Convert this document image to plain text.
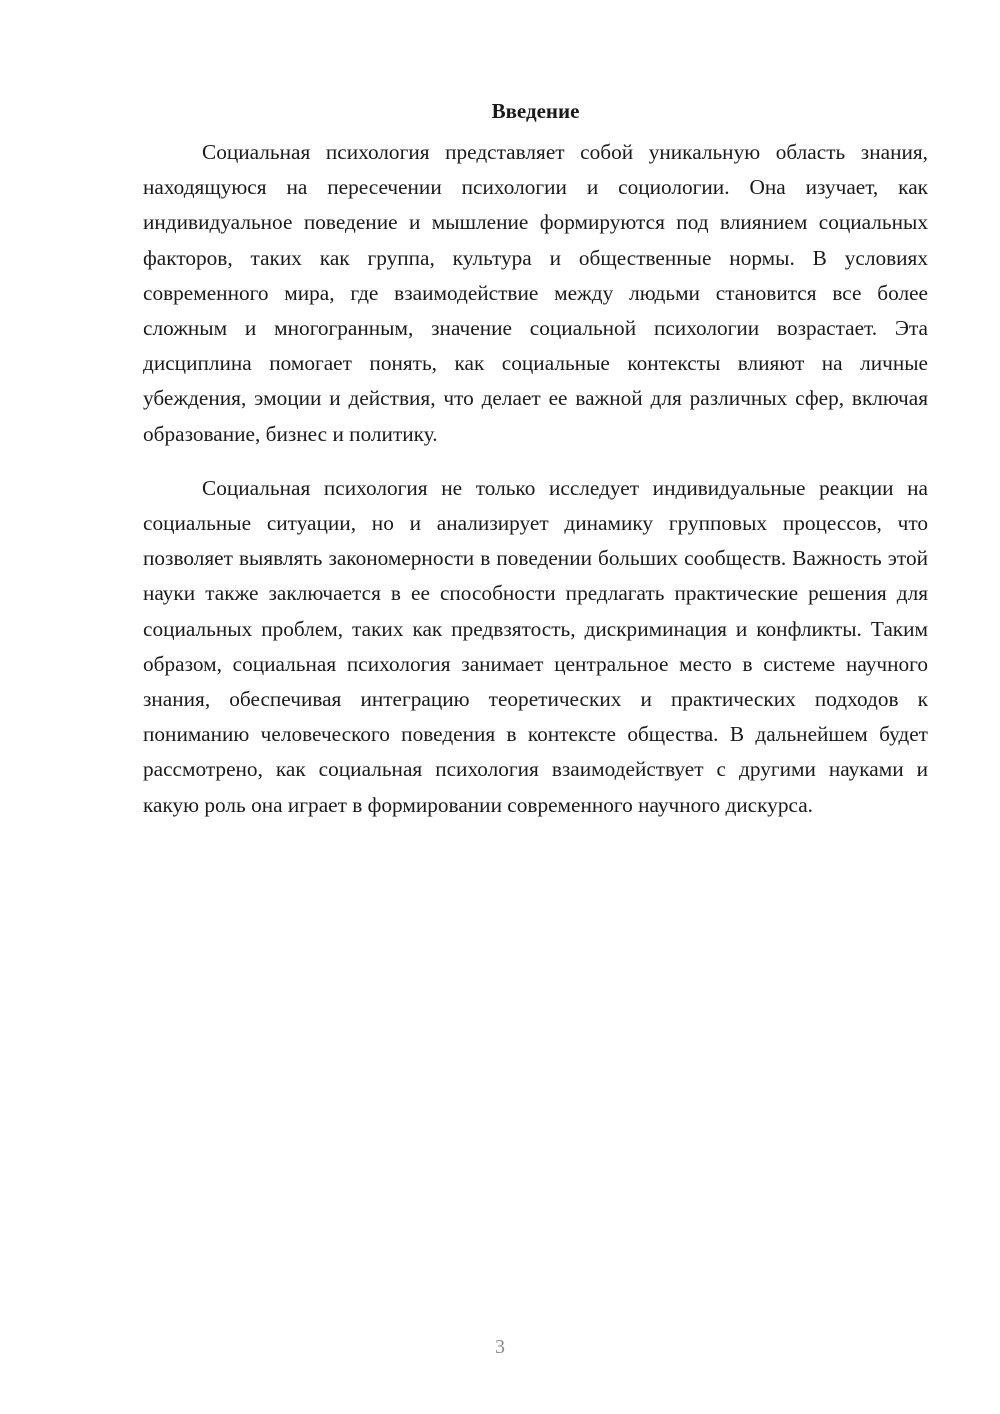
Введение

Социальная психология представляет собой уникальную область знания, находящуюся на пересечении психологии и социологии. Она изучает, как индивидуальное поведение и мышление формируются под влиянием социальных факторов, таких как группа, культура и общественные нормы. В условиях современного мира, где взаимодействие между людьми становится все более сложным и многогранным, значение социальной психологии возрастает. Эта дисциплина помогает понять, как социальные контексты влияют на личные убеждения, эмоции и действия, что делает ее важной для различных сфер, включая образование, бизнес и политику.

Социальная психология не только исследует индивидуальные реакции на социальные ситуации, но и анализирует динамику групповых процессов, что позволяет выявлять закономерности в поведении больших сообществ. Важность этой науки также заключается в ее способности предлагать практические решения для социальных проблем, таких как предвзятость, дискриминация и конфликты. Таким образом, социальная психология занимает центральное место в системе научного знания, обеспечивая интеграцию теоретических и практических подходов к пониманию человеческого поведения в контексте общества. В дальнейшем будет рассмотрено, как социальная психология взаимодействует с другими науками и какую роль она играет в формировании современного научного дискурса.

3
